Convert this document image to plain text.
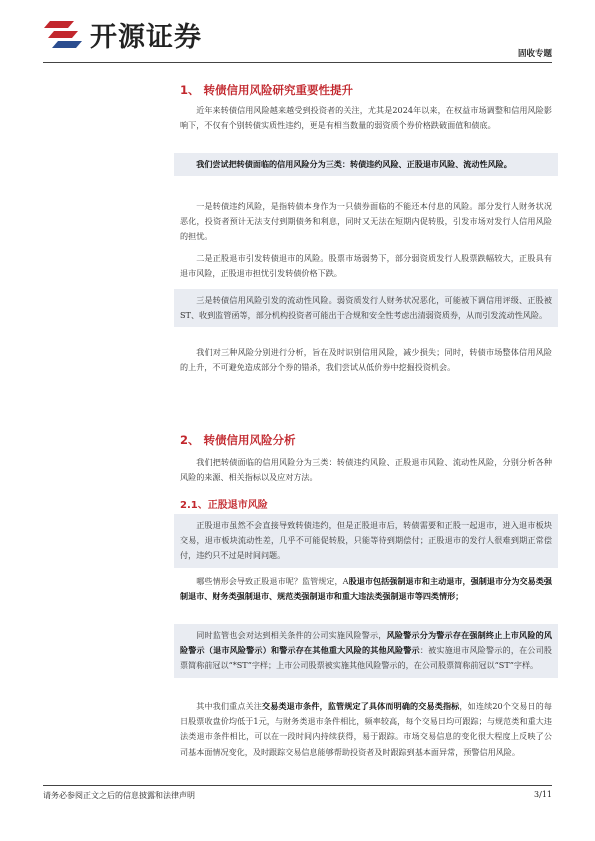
开源证券
固收专题
1、 转债信用风险研究重要性提升

近年来转债信用风险越来越受到投资者的关注，尤其是2024年以来，在权益市场调整和信用风险影响下，不仅有个别转债实质性违约，更是有相当数量的弱资质个券价格跌破面值和债底。

我们尝试把转债面临的信用风险分为三类：转债违约风险、正股退市风险、流动性风险。

一是转债违约风险，是指转债本身作为一只债券面临的不能还本付息的风险。部分发行人财务状况恶化，投资者预计无法支付到期债务和利息，同时又无法在短期内促转股，引发市场对发行人信用风险的担忧。

二是正股退市引发转债退市的风险。股票市场弱势下，部分弱资质发行人股票跌幅较大，正股具有退市风险，正股退市担忧引发转债价格下跌。

三是转债信用风险引发的流动性风险。弱资质发行人财务状况恶化，可能被下调信用评级、正股被ST、收到监管函等，部分机构投资者可能出于合规和安全性考虑出清弱资质券，从而引发流动性风险。

我们对三种风险分别进行分析，旨在及时识别信用风险，减少损失；同时，转债市场整体信用风险的上升，不可避免造成部分个券的错杀，我们尝试从低价券中挖掘投资机会。

2、 转债信用风险分析

我们把转债面临的信用风险分为三类：转债违约风险、正股退市风险、流动性风险，分别分析各种风险的来源、相关指标以及应对方法。

2.1、正股退市风险

正股退市虽然不会直接导致转债违约，但是正股退市后，转债需要和正股一起退市，进入退市板块交易，退市板块流动性差，几乎不可能促转股，只能等待到期偿付；正股退市的发行人很难到期正常偿付，违约只不过是时间问题。

哪些情形会导致正股退市呢？监管规定，A股退市包括强制退市和主动退市，强制退市分为交易类强制退市、财务类强制退市、规范类强制退市和重大违法类强制退市等四类情形；

同时监管也会对达到相关条件的公司实施风险警示，风险警示分为警示存在强制终止上市风险的风险警示（退市风险警示）和警示存在其他重大风险的其他风险警示：被实施退市风险警示的，在公司股票简称前冠以“*ST”字样；上市公司股票被实施其他风险警示的，在公司股票简称前冠以“ST”字样。

其中我们重点关注交易类退市条件，监管规定了具体而明确的交易类指标，如连续20个交易日的每日股票收盘价均低于1元，与财务类退市条件相比，频率较高，每个交易日均可跟踪；与规范类和重大违法类退市条件相比，可以在一段时间内持续获得，易于跟踪。市场交易信息的变化很大程度上反映了公司基本面情况变化，及时跟踪交易信息能够帮助投资者及时跟踪到基本面异常，预警信用风险。

请务必参阅正文之后的信息披露和法律声明	3/11
